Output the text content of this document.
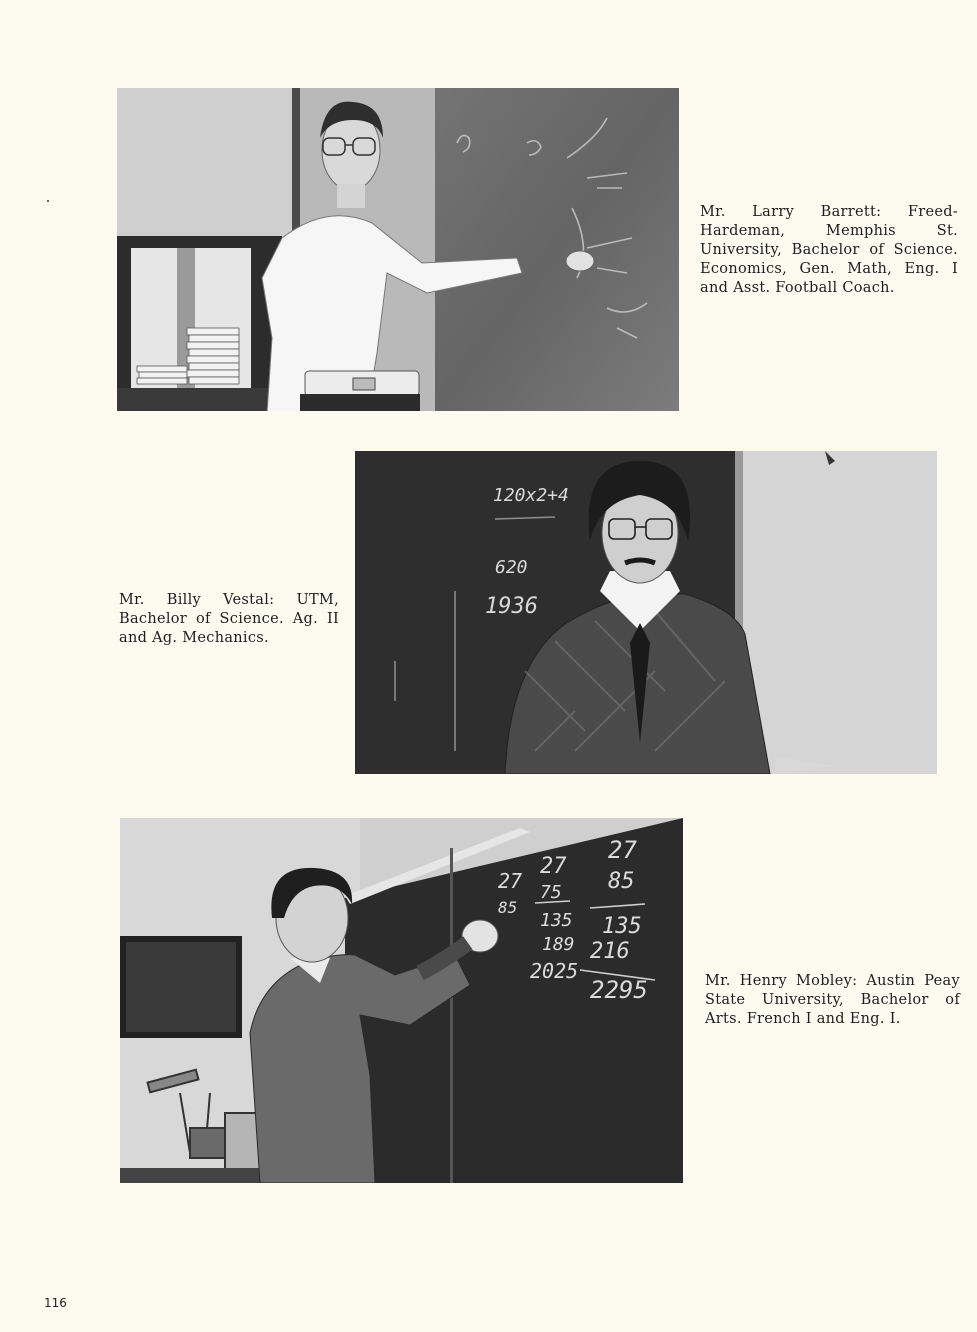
Mr. Larry Barrett: Freed-Hardeman, Memphis St. University, Bachelor of Science. Economics, Gen. Math, Eng. I and Asst. Football Coach.
120x2+4
620
1936
Mr. Billy Vestal: UTM, Bachelor of Science. Ag. II and Ag. Mechanics.
27
27
27
85
75
85
135 135
189 216
2025
2295	Mr. Henry Mobley: Austin Peay State University, Bachelor of Arts. French I and Eng. I.
116
